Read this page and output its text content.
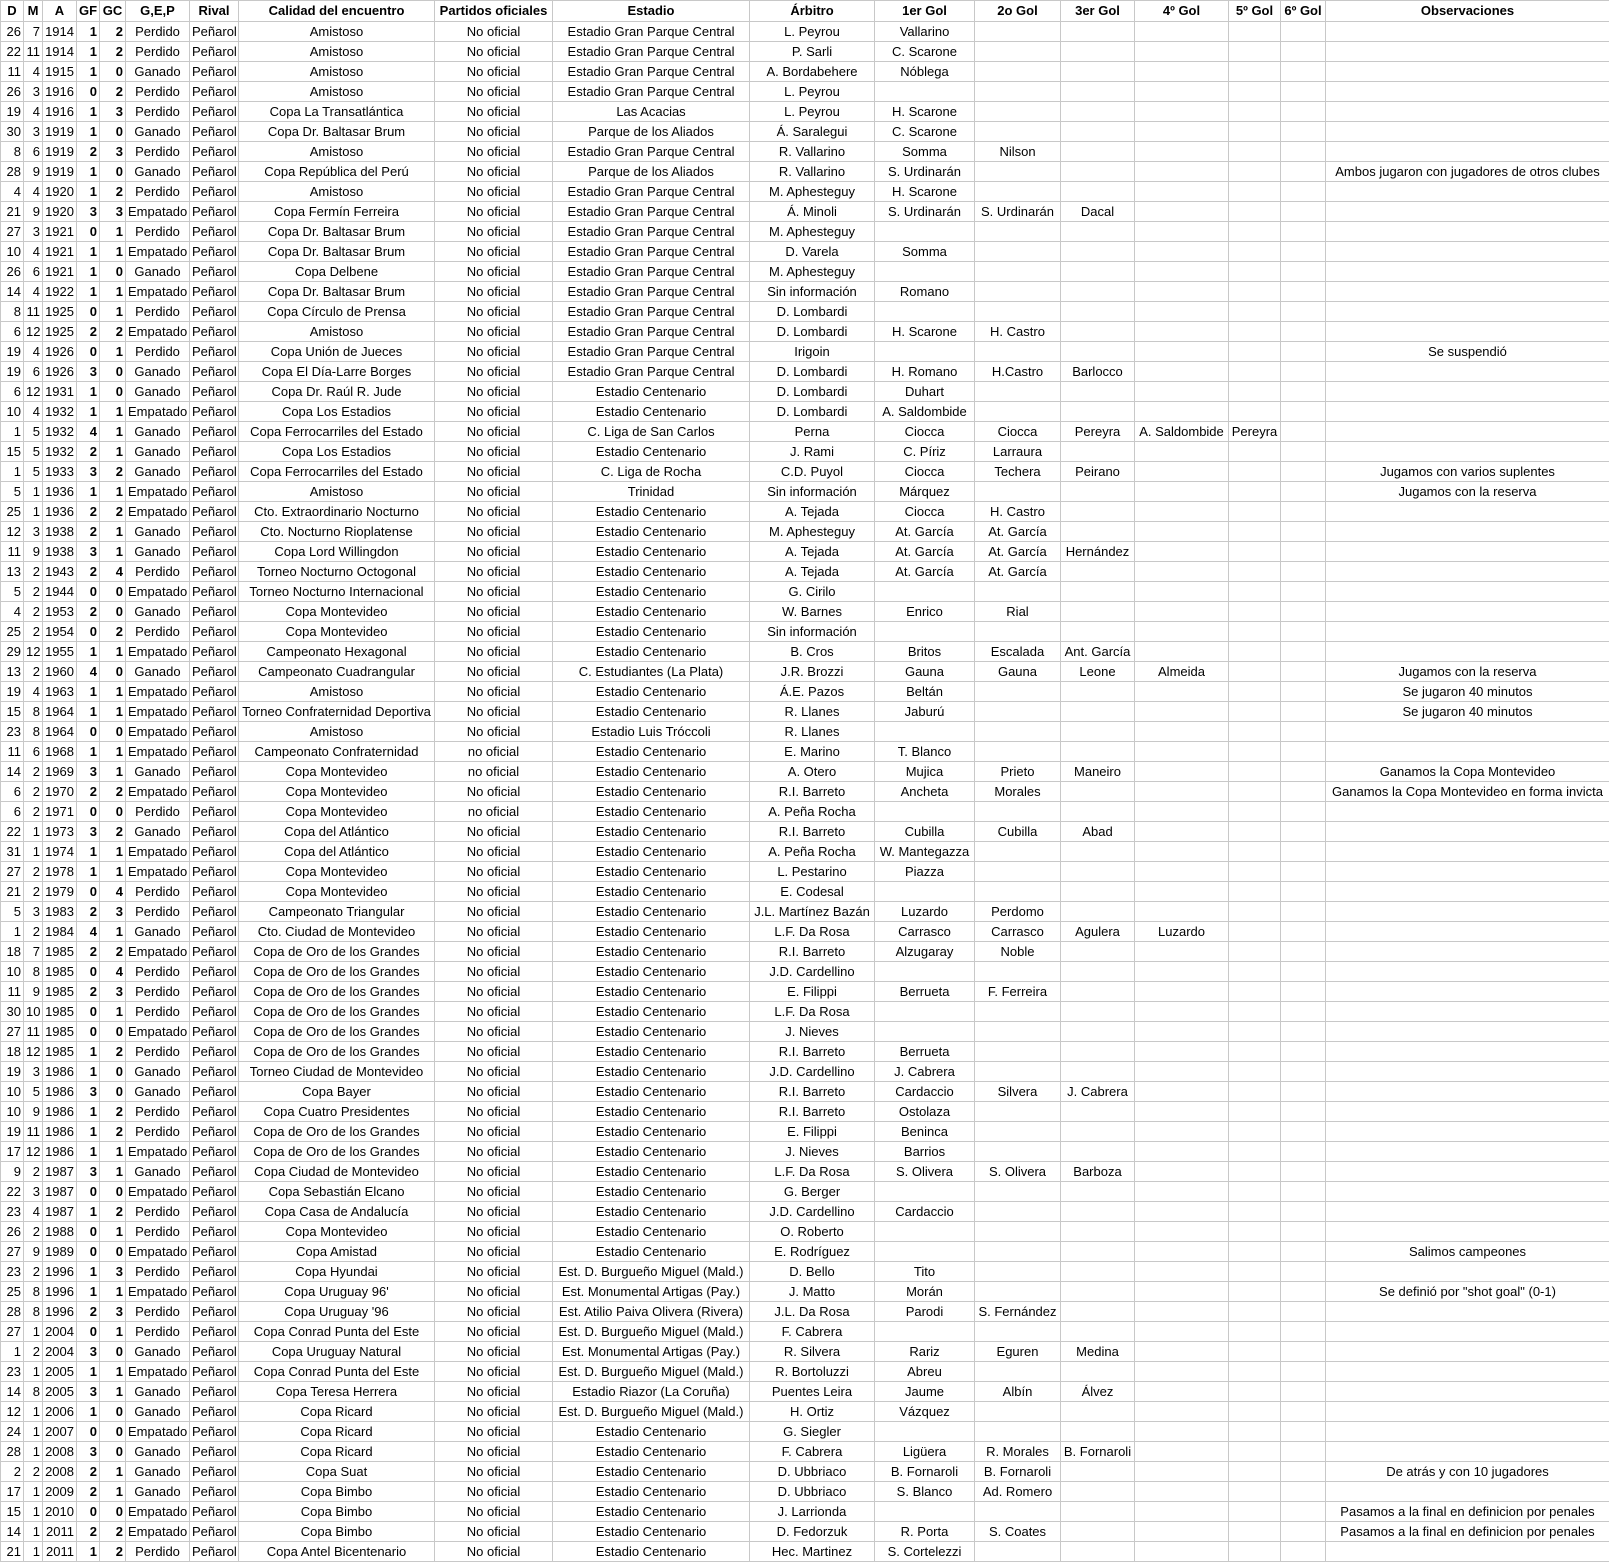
D	M	A	GF	GC	G,E,P	Rival	Calidad del encuentro	Partidos oficiales	Estadio	Árbitro	1er Gol	2o Gol	3er Gol	4º Gol	5º Gol	6º Gol	Observaciones
26	7	1914	1	2	Perdido	Peñarol	Amistoso	No oficial	Estadio Gran Parque Central	L. Peyrou	Vallarino						
22	11	1914	1	2	Perdido	Peñarol	Amistoso	No oficial	Estadio Gran Parque Central	P. Sarli	C. Scarone						
11	4	1915	1	0	Ganado	Peñarol	Amistoso	No oficial	Estadio Gran Parque Central	A. Bordabehere	Nóblega						
26	3	1916	0	2	Perdido	Peñarol	Amistoso	No oficial	Estadio Gran Parque Central	L. Peyrou							
19	4	1916	1	3	Perdido	Peñarol	Copa La Transatlántica	No oficial	Las Acacias	L. Peyrou	H. Scarone						
30	3	1919	1	0	Ganado	Peñarol	Copa Dr. Baltasar Brum	No oficial	Parque de los Aliados	Á. Saralegui	C. Scarone						
8	6	1919	2	3	Perdido	Peñarol	Amistoso	No oficial	Estadio Gran Parque Central	R. Vallarino	Somma	Nilson					
28	9	1919	1	0	Ganado	Peñarol	Copa República del Perú	No oficial	Parque de los Aliados	R. Vallarino	S. Urdinarán						Ambos jugaron con jugadores de otros clubes
4	4	1920	1	2	Perdido	Peñarol	Amistoso	No oficial	Estadio Gran Parque Central	M. Aphesteguy	H. Scarone						
21	9	1920	3	3	Empatado	Peñarol	Copa Fermín Ferreira	No oficial	Estadio Gran Parque Central	Á. Minoli	S. Urdinarán	S. Urdinarán	Dacal				
27	3	1921	0	1	Perdido	Peñarol	Copa Dr. Baltasar Brum	No oficial	Estadio Gran Parque Central	M. Aphesteguy							
10	4	1921	1	1	Empatado	Peñarol	Copa Dr. Baltasar Brum	No oficial	Estadio Gran Parque Central	D. Varela	Somma						
26	6	1921	1	0	Ganado	Peñarol	Copa Delbene	No oficial	Estadio Gran Parque Central	M. Aphesteguy							
14	4	1922	1	1	Empatado	Peñarol	Copa Dr. Baltasar Brum	No oficial	Estadio Gran Parque Central	Sin información	Romano						
8	11	1925	0	1	Perdido	Peñarol	Copa Círculo de Prensa	No oficial	Estadio Gran Parque Central	D. Lombardi							
6	12	1925	2	2	Empatado	Peñarol	Amistoso	No oficial	Estadio Gran Parque Central	D. Lombardi	H. Scarone	H. Castro					
19	4	1926	0	1	Perdido	Peñarol	Copa Unión de Jueces	No oficial	Estadio Gran Parque Central	Irigoin							Se suspendió
19	6	1926	3	0	Ganado	Peñarol	Copa El Día-Larre Borges	No oficial	Estadio Gran Parque Central	D. Lombardi	H. Romano	H.Castro	Barlocco				
6	12	1931	1	0	Ganado	Peñarol	Copa Dr. Raúl R. Jude	No oficial	Estadio Centenario	D. Lombardi	Duhart						
10	4	1932	1	1	Empatado	Peñarol	Copa Los Estadios	No oficial	Estadio Centenario	D. Lombardi	A. Saldombide						
1	5	1932	4	1	Ganado	Peñarol	Copa Ferrocarriles del Estado	No oficial	C. Liga de San Carlos	Perna	Ciocca	Ciocca	Pereyra	A. Saldombide	Pereyra		
15	5	1932	2	1	Ganado	Peñarol	Copa Los Estadios	No oficial	Estadio Centenario	J. Rami	C. Píriz	Larraura					
1	5	1933	3	2	Ganado	Peñarol	Copa Ferrocarriles del Estado	No oficial	C. Liga de Rocha	C.D. Puyol	Ciocca	Techera	Peirano				Jugamos con varios suplentes
5	1	1936	1	1	Empatado	Peñarol	Amistoso	No oficial	Trinidad	Sin información	Márquez						Jugamos con la reserva
25	1	1936	2	2	Empatado	Peñarol	Cto. Extraordinario Nocturno	No oficial	Estadio Centenario	A. Tejada	Ciocca	H. Castro					
12	3	1938	2	1	Ganado	Peñarol	Cto. Nocturno Rioplatense	No oficial	Estadio Centenario	M. Aphesteguy	At. García	At. García					
11	9	1938	3	1	Ganado	Peñarol	Copa Lord Willingdon	No oficial	Estadio Centenario	A. Tejada	At. García	At. García	Hernández				
13	2	1943	2	4	Perdido	Peñarol	Torneo Nocturno Octogonal	No oficial	Estadio Centenario	A. Tejada	At. García	At. García					
5	2	1944	0	0	Empatado	Peñarol	Torneo Nocturno Internacional	No oficial	Estadio Centenario	G. Cirilo							
4	2	1953	2	0	Ganado	Peñarol	Copa Montevideo	No oficial	Estadio Centenario	W. Barnes	Enrico	Rial					
25	2	1954	0	2	Perdido	Peñarol	Copa Montevideo	No oficial	Estadio Centenario	Sin información							
29	12	1955	1	1	Empatado	Peñarol	Campeonato Hexagonal	No oficial	Estadio Centenario	B. Cros	Britos	Escalada	Ant. García				
13	2	1960	4	0	Ganado	Peñarol	Campeonato Cuadrangular	No oficial	C. Estudiantes (La Plata)	J.R. Brozzi	Gauna	Gauna	Leone	Almeida			Jugamos con la reserva
19	4	1963	1	1	Empatado	Peñarol	Amistoso	No oficial	Estadio Centenario	Á.E. Pazos	Beltán						Se jugaron 40 minutos
15	8	1964	1	1	Empatado	Peñarol	Torneo Confraternidad Deportiva	No oficial	Estadio Centenario	R. Llanes	Jaburú						Se jugaron 40 minutos
23	8	1964	0	0	Empatado	Peñarol	Amistoso	No oficial	Estadio Luis Tróccoli	R. Llanes							
11	6	1968	1	1	Empatado	Peñarol	Campeonato Confraternidad	no oficial	Estadio Centenario	E. Marino	T. Blanco						
14	2	1969	3	1	Ganado	Peñarol	Copa Montevideo	no oficial	Estadio Centenario	A. Otero	Mujica	Prieto	Maneiro				Ganamos la Copa Montevideo
6	2	1970	2	2	Empatado	Peñarol	Copa Montevideo	No oficial	Estadio Centenario	R.I. Barreto	Ancheta	Morales					Ganamos la Copa Montevideo en forma invicta
6	2	1971	0	0	Perdido	Peñarol	Copa Montevideo	no oficial	Estadio Centenario	A. Peña Rocha							
22	1	1973	3	2	Ganado	Peñarol	Copa del Atlántico	No oficial	Estadio Centenario	R.I. Barreto	Cubilla	Cubilla	Abad				
31	1	1974	1	1	Empatado	Peñarol	Copa del Atlántico	No oficial	Estadio Centenario	A. Peña Rocha	W. Mantegazza						
27	2	1978	1	1	Empatado	Peñarol	Copa Montevideo	No oficial	Estadio Centenario	L. Pestarino	Piazza						
21	2	1979	0	4	Perdido	Peñarol	Copa Montevideo	No oficial	Estadio Centenario	E. Codesal							
5	3	1983	2	3	Perdido	Peñarol	Campeonato Triangular	No oficial	Estadio Centenario	J.L. Martínez Bazán	Luzardo	Perdomo					
1	2	1984	4	1	Ganado	Peñarol	Cto. Ciudad de Montevideo	No oficial	Estadio Centenario	L.F. Da Rosa	Carrasco	Carrasco	Agulera	Luzardo			
18	7	1985	2	2	Empatado	Peñarol	Copa de Oro de los Grandes	No oficial	Estadio Centenario	R.I. Barreto	Alzugaray	Noble					
10	8	1985	0	4	Perdido	Peñarol	Copa de Oro de los Grandes	No oficial	Estadio Centenario	J.D. Cardellino							
11	9	1985	2	3	Perdido	Peñarol	Copa de Oro de los Grandes	No oficial	Estadio Centenario	E. Filippi	Berrueta	F. Ferreira					
30	10	1985	0	1	Perdido	Peñarol	Copa de Oro de los Grandes	No oficial	Estadio Centenario	L.F. Da Rosa							
27	11	1985	0	0	Empatado	Peñarol	Copa de Oro de los Grandes	No oficial	Estadio Centenario	J. Nieves							
18	12	1985	1	2	Perdido	Peñarol	Copa de Oro de los Grandes	No oficial	Estadio Centenario	R.I. Barreto	Berrueta						
19	3	1986	1	0	Ganado	Peñarol	Torneo Ciudad de Montevideo	No oficial	Estadio Centenario	J.D. Cardellino	J. Cabrera						
10	5	1986	3	0	Ganado	Peñarol	Copa Bayer	No oficial	Estadio Centenario	R.I. Barreto	Cardaccio	Silvera	J. Cabrera				
10	9	1986	1	2	Perdido	Peñarol	Copa Cuatro Presidentes	No oficial	Estadio Centenario	R.I. Barreto	Ostolaza						
19	11	1986	1	2	Perdido	Peñarol	Copa de Oro de los Grandes	No oficial	Estadio Centenario	E. Filippi	Beninca						
17	12	1986	1	1	Empatado	Peñarol	Copa de Oro de los Grandes	No oficial	Estadio Centenario	J. Nieves	Barrios						
9	2	1987	3	1	Ganado	Peñarol	Copa Ciudad de Montevideo	No oficial	Estadio Centenario	L.F. Da Rosa	S. Olivera	S. Olivera	Barboza				
22	3	1987	0	0	Empatado	Peñarol	Copa Sebastián Elcano	No oficial	Estadio Centenario	G. Berger							
23	4	1987	1	2	Perdido	Peñarol	Copa Casa de Andalucía	No oficial	Estadio Centenario	J.D. Cardellino	Cardaccio						
26	2	1988	0	1	Perdido	Peñarol	Copa Montevideo	No oficial	Estadio Centenario	O. Roberto							
27	9	1989	0	0	Empatado	Peñarol	Copa Amistad	No oficial	Estadio Centenario	E. Rodríguez							Salimos campeones
23	2	1996	1	3	Perdido	Peñarol	Copa Hyundai	No oficial	Est. D. Burgueño Miguel (Mald.)	D. Bello	Tito						
25	8	1996	1	1	Empatado	Peñarol	Copa Uruguay 96'	No oficial	Est. Monumental Artigas (Pay.)	J. Matto	Morán						Se definió por "shot goal" (0-1)
28	8	1996	2	3	Perdido	Peñarol	Copa Uruguay '96	No oficial	Est. Atilio Paiva Olivera (Rivera)	J.L. Da Rosa	Parodi	S. Fernández					
27	1	2004	0	1	Perdido	Peñarol	Copa Conrad Punta del Este	No oficial	Est. D. Burgueño Miguel (Mald.)	F. Cabrera							
1	2	2004	3	0	Ganado	Peñarol	Copa Uruguay Natural	No oficial	Est. Monumental Artigas (Pay.)	R. Silvera	Rariz	Eguren	Medina				
23	1	2005	1	1	Empatado	Peñarol	Copa Conrad Punta del Este	No oficial	Est. D. Burgueño Miguel (Mald.)	R. Bortoluzzi	Abreu						
14	8	2005	3	1	Ganado	Peñarol	Copa Teresa Herrera	No oficial	Estadio Riazor (La Coruña)	Puentes Leira	Jaume	Albín	Álvez				
12	1	2006	1	0	Ganado	Peñarol	Copa Ricard	No oficial	Est. D. Burgueño Miguel (Mald.)	H. Ortiz	Vázquez						
24	1	2007	0	0	Empatado	Peñarol	Copa Ricard	No oficial	Estadio Centenario	G. Siegler							
28	1	2008	3	0	Ganado	Peñarol	Copa Ricard	No oficial	Estadio Centenario	F. Cabrera	Ligüera	R. Morales	B. Fornaroli				
2	2	2008	2	1	Ganado	Peñarol	Copa Suat	No oficial	Estadio Centenario	D. Ubbriaco	B. Fornaroli	B. Fornaroli					De atrás y con 10 jugadores
17	1	2009	2	1	Ganado	Peñarol	Copa Bimbo	No oficial	Estadio Centenario	D. Ubbriaco	S. Blanco	Ad. Romero					
15	1	2010	0	0	Empatado	Peñarol	Copa Bimbo	No oficial	Estadio Centenario	J. Larrionda							Pasamos a la final en definicion por penales
14	1	2011	2	2	Empatado	Peñarol	Copa Bimbo	No oficial	Estadio Centenario	D. Fedorzuk	R. Porta	S. Coates					Pasamos a la final en definicion por penales
21	1	2011	1	2	Perdido	Peñarol	Copa Antel Bicentenario	No oficial	Estadio Centenario	Hec. Martinez	S. Cortelezzi						
